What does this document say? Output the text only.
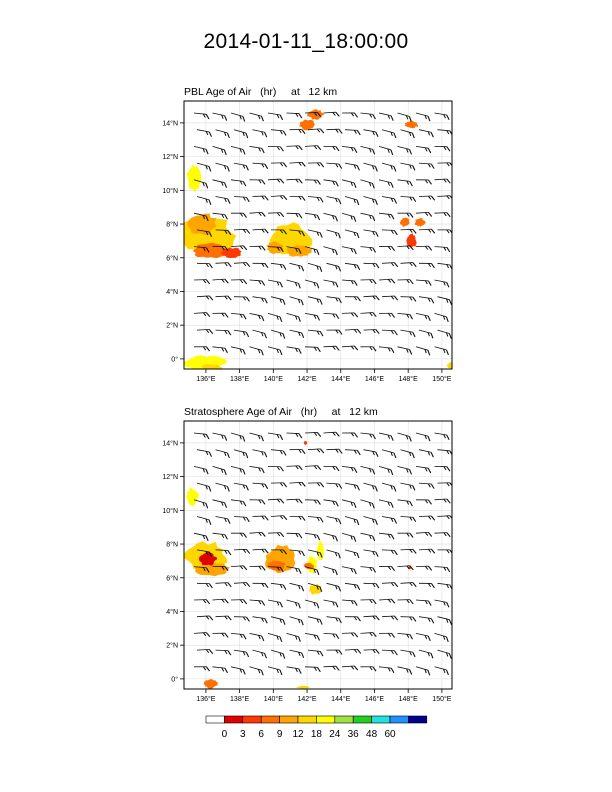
2014-01-11_18:00:00

PBL Age of Air   (hr)     at   12 km

136°E 138°E 140°E 142°E 144°E 146°E 148°E 150°E
0°
2°N
4°N
6°N
8°N
10°N
12°N
14°N

Stratosphere Age of Air   (hr)     at   12 km

136°E 138°E 140°E 142°E 144°E 146°E 148°E 150°E
0°
2°N
4°N
6°N
8°N
10°N
12°N
14°N
0 3 6 9 12 18 24 36 48 60
